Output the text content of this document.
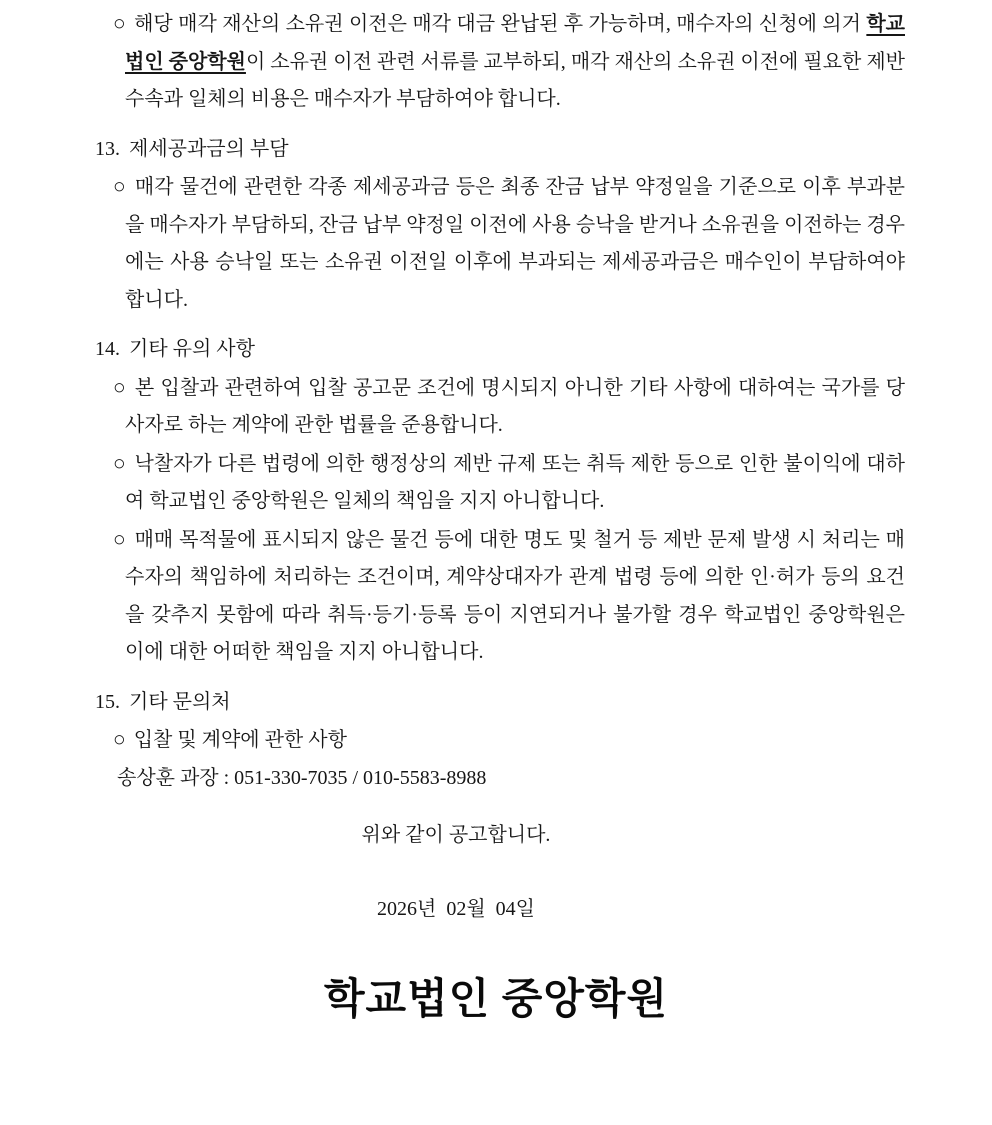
○ 해당 매각 재산의 소유권 이전은 매각 대금 완납된 후 가능하며, 매수자의 신청에 의거 학교법인 중앙학원이 소유권 이전 관련 서류를 교부하되, 매각 재산의 소유권 이전에 필요한 제반 수속과 일체의 비용은 매수자가 부담하여야 합니다.

13. 제세공과금의 부담

○ 매각 물건에 관련한 각종 제세공과금 등은 최종 잔금 납부 약정일을 기준으로 이후 부과분을 매수자가 부담하되, 잔금 납부 약정일 이전에 사용 승낙을 받거나 소유권을 이전하는 경우에는 사용 승낙일 또는 소유권 이전일 이후에 부과되는 제세공과금은 매수인이 부담하여야 합니다.

14. 기타 유의 사항

○ 본 입찰과 관련하여 입찰 공고문 조건에 명시되지 아니한 기타 사항에 대하여는 국가를 당사자로 하는 계약에 관한 법률을 준용합니다.

○ 낙찰자가 다른 법령에 의한 행정상의 제반 규제 또는 취득 제한 등으로 인한 불이익에 대하여 학교법인 중앙학원은 일체의 책임을 지지 아니합니다.

○ 매매 목적물에 표시되지 않은 물건 등에 대한 명도 및 철거 등 제반 문제 발생 시 처리는 매수자의 책임하에 처리하는 조건이며, 계약상대자가 관계 법령 등에 의한 인·허가 등의 요건을 갖추지 못함에 따라 취득·등기·등록 등이 지연되거나 불가할 경우 학교법인 중앙학원은 이에 대한 어떠한 책임을 지지 아니합니다.

15. 기타 문의처

○ 입찰 및 계약에 관한 사항

송상훈 과장 : 051-330-7035 / 010-5583-8988

위와 같이 공고합니다.

2026년  02월  04일

학교법인 중앙학원
